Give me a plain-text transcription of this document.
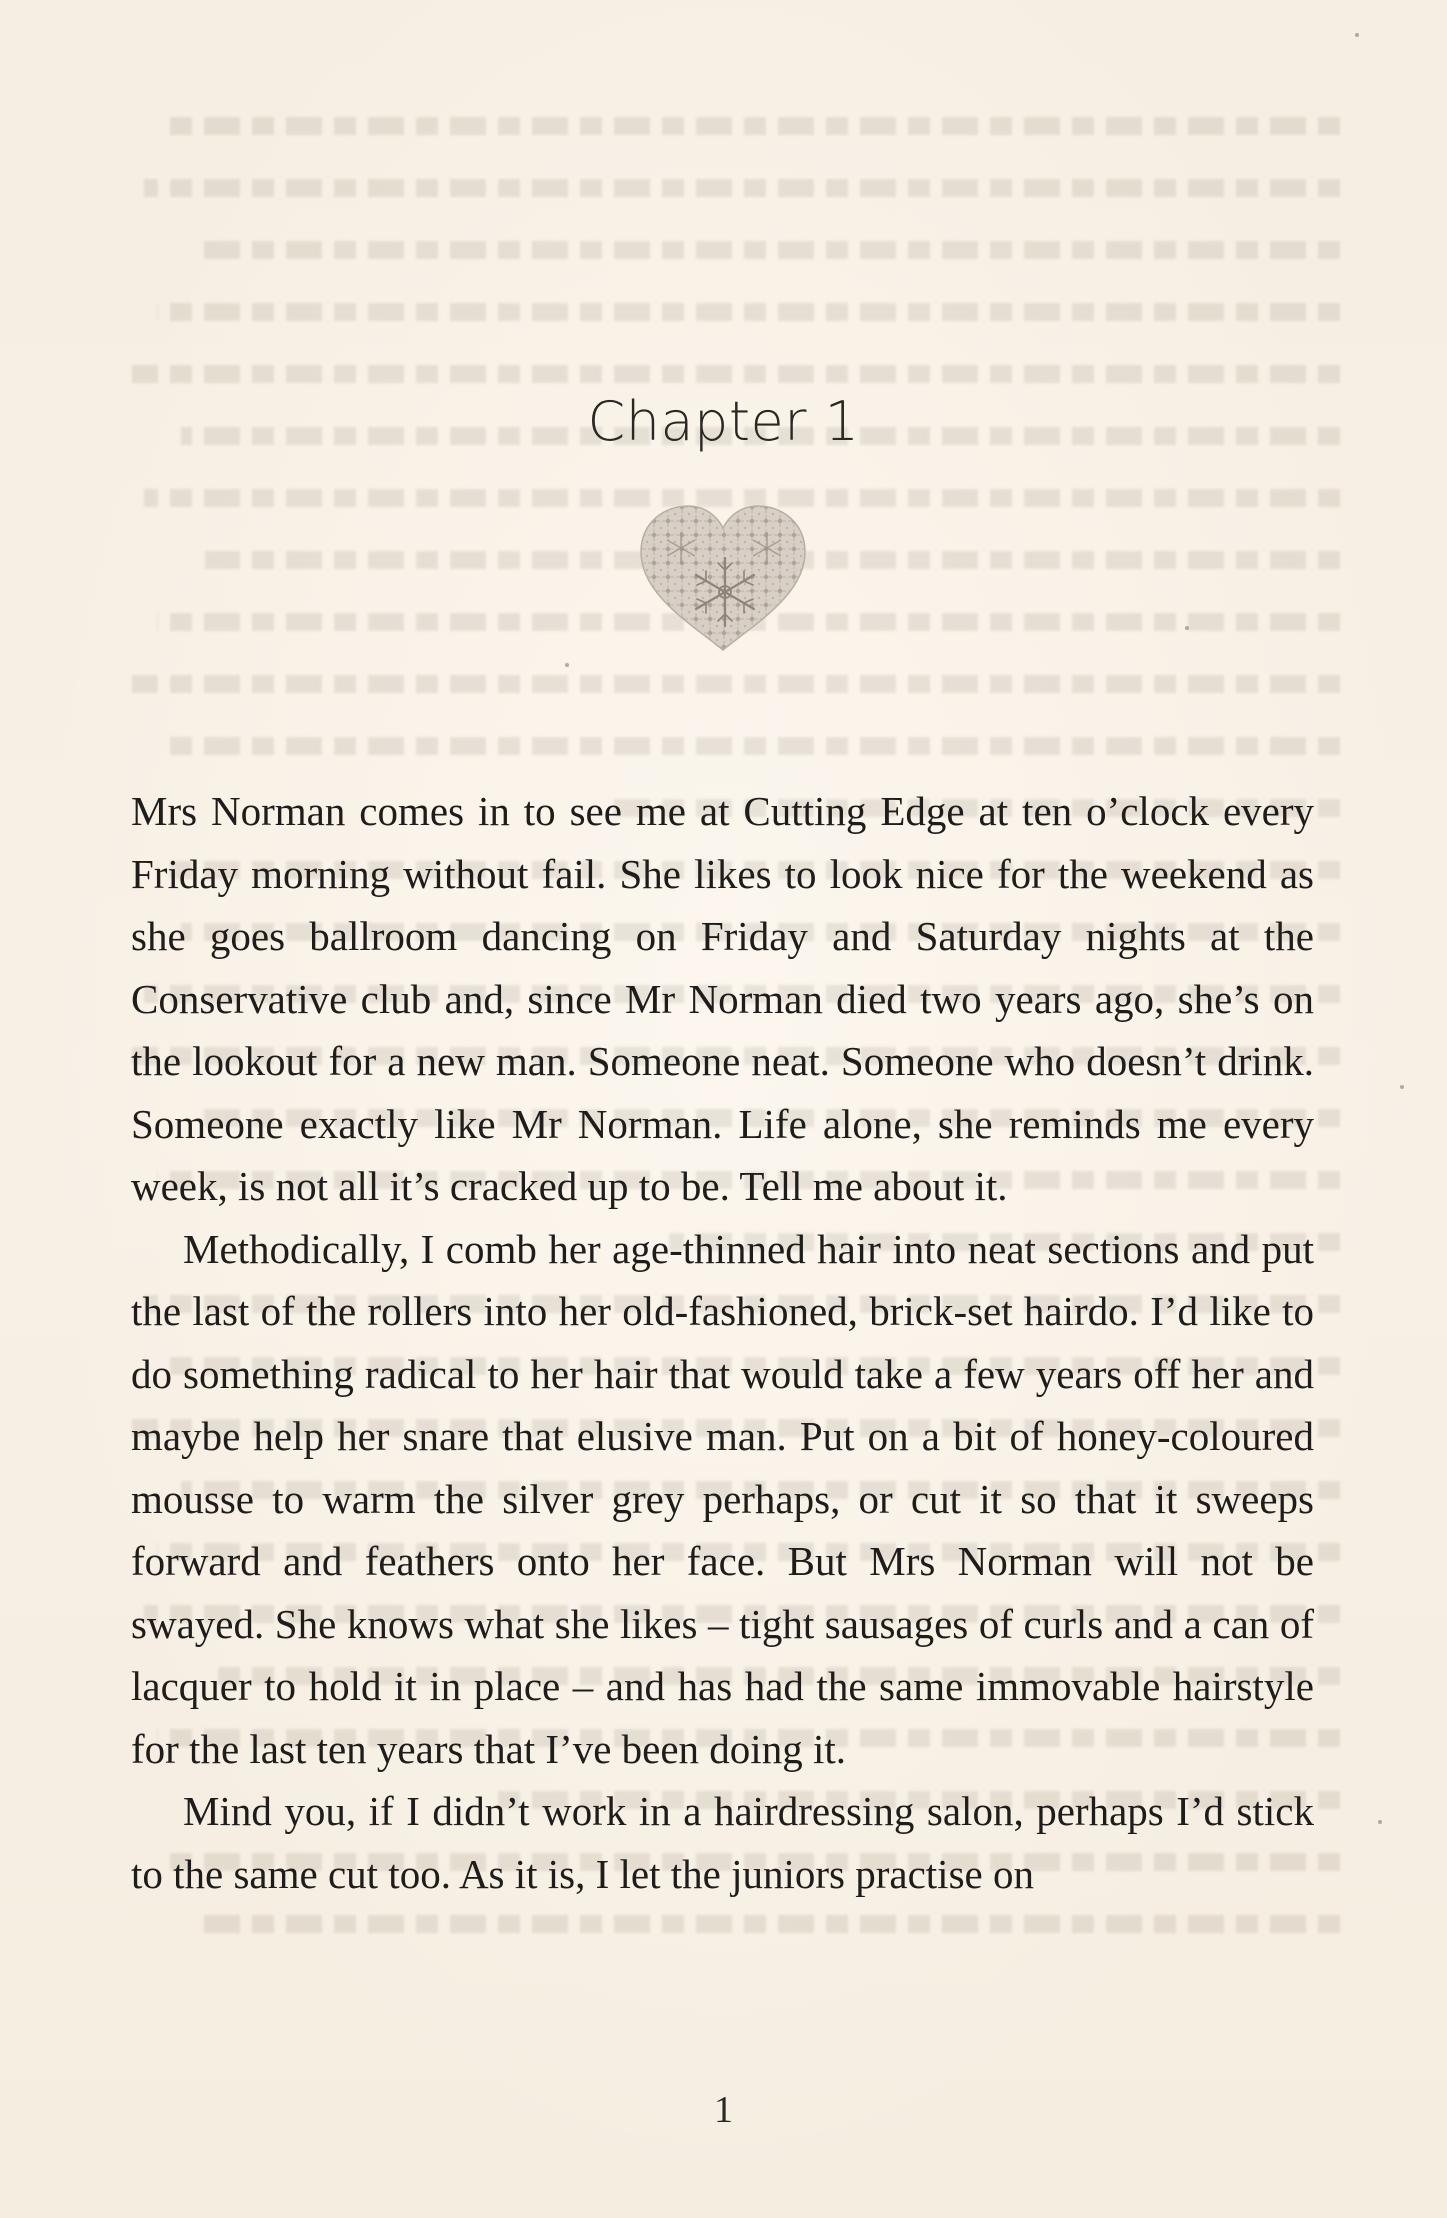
Chapter 1

Mrs Norman comes in to see me at Cutting Edge at ten o’clock every Friday morning without fail. She likes to look nice for the weekend as she goes ballroom dancing on Friday and Saturday nights at the Conservative club and, since Mr Norman died two years ago, she’s on the lookout for a new man. Someone neat. Someone who doesn’t drink. Someone exactly like Mr Norman. Life alone, she reminds me every week, is not all it’s cracked up to be. Tell me about it.

Methodically, I comb her age-thinned hair into neat sections and put the last of the rollers into her old-fashioned, brick-set hairdo. I’d like to do something radical to her hair that would take a few years off her and maybe help her snare that elusive man. Put on a bit of honey-coloured mousse to warm the silver grey perhaps, or cut it so that it sweeps forward and feathers onto her face. But Mrs Norman will not be swayed. She knows what she likes – tight sausages of curls and a can of lacquer to hold it in place – and has had the same immovable hairstyle for the last ten years that I’ve been doing it.

Mind you, if I didn’t work in a hairdressing salon, perhaps I’d stick to the same cut too. As it is, I let the juniors practise on

1
